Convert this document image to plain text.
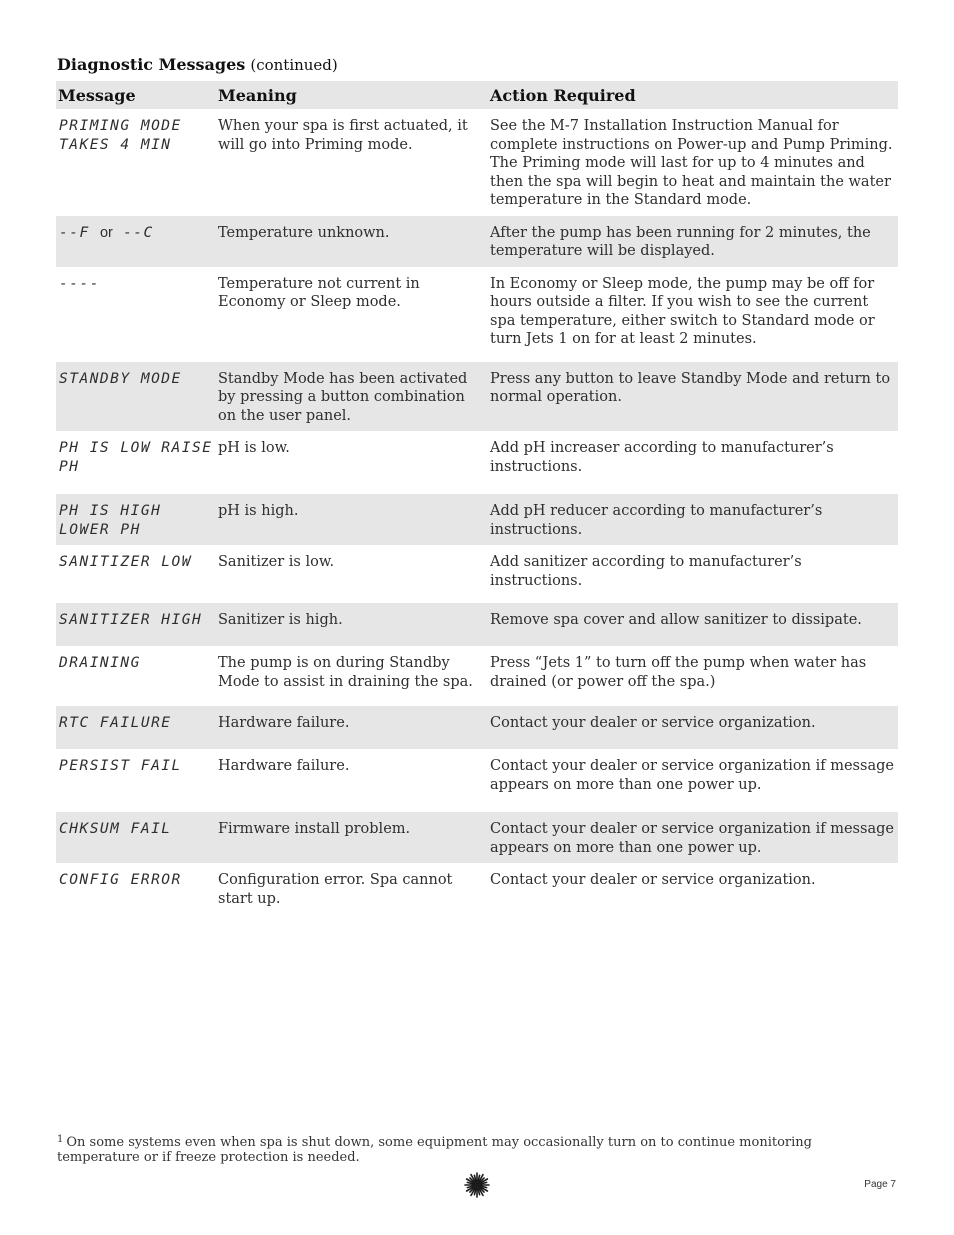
Diagnostic Messages (continued)
Message	Meaning	Action Required
PRIMING MODE TAKES 4 MIN	When your spa is first actuated, it will go into Priming mode.	See the M-7 Installation Instruction Manual for complete instructions on Power-up and Pump Priming. The Priming mode will last for up to 4 minutes and then the spa will begin to heat and maintain the water temperature in the Standard mode.
--F or --C	Temperature unknown.	After the pump has been running for 2 minutes, the temperature will be displayed.
----	Temperature not current in Economy or Sleep mode.	In Economy or Sleep mode, the pump may be off for hours outside a filter. If you wish to see the current spa temperature, either switch to Standard mode or turn Jets 1 on for at least 2 minutes.
STANDBY MODE	Standby Mode has been activated by pressing a button combination on the user panel.	Press any button to leave Standby Mode and return to normal operation.
PH IS LOW RAISE PH	pH is low.	Add pH increaser according to manufacturer’s instructions.
PH IS HIGH LOWER PH	pH is high.	Add pH reducer according to manufacturer’s instructions.
SANITIZER LOW	Sanitizer is low.	Add sanitizer according to manufacturer’s instructions.
SANITIZER HIGH	Sanitizer is high.	Remove spa cover and allow sanitizer to dissipate.
DRAINING	The pump is on during Standby Mode to assist in draining the spa.	Press “Jets 1” to turn off the pump when water has drained (or power off the spa.)
RTC FAILURE	Hardware failure.	Contact your dealer or service organization.
PERSIST FAIL	Hardware failure.	Contact your dealer or service organization if message appears on more than one power up.
CHKSUM FAIL	Firmware install problem.	Contact your dealer or service organization if message appears on more than one power up.
CONFIG ERROR	Configuration error. Spa cannot start up.	Contact your dealer or service organization.
$^1$ On some systems even when spa is shut down, some equipment may occasionally turn on to continue monitoring temperature or if freeze protection is needed.
Page 7
